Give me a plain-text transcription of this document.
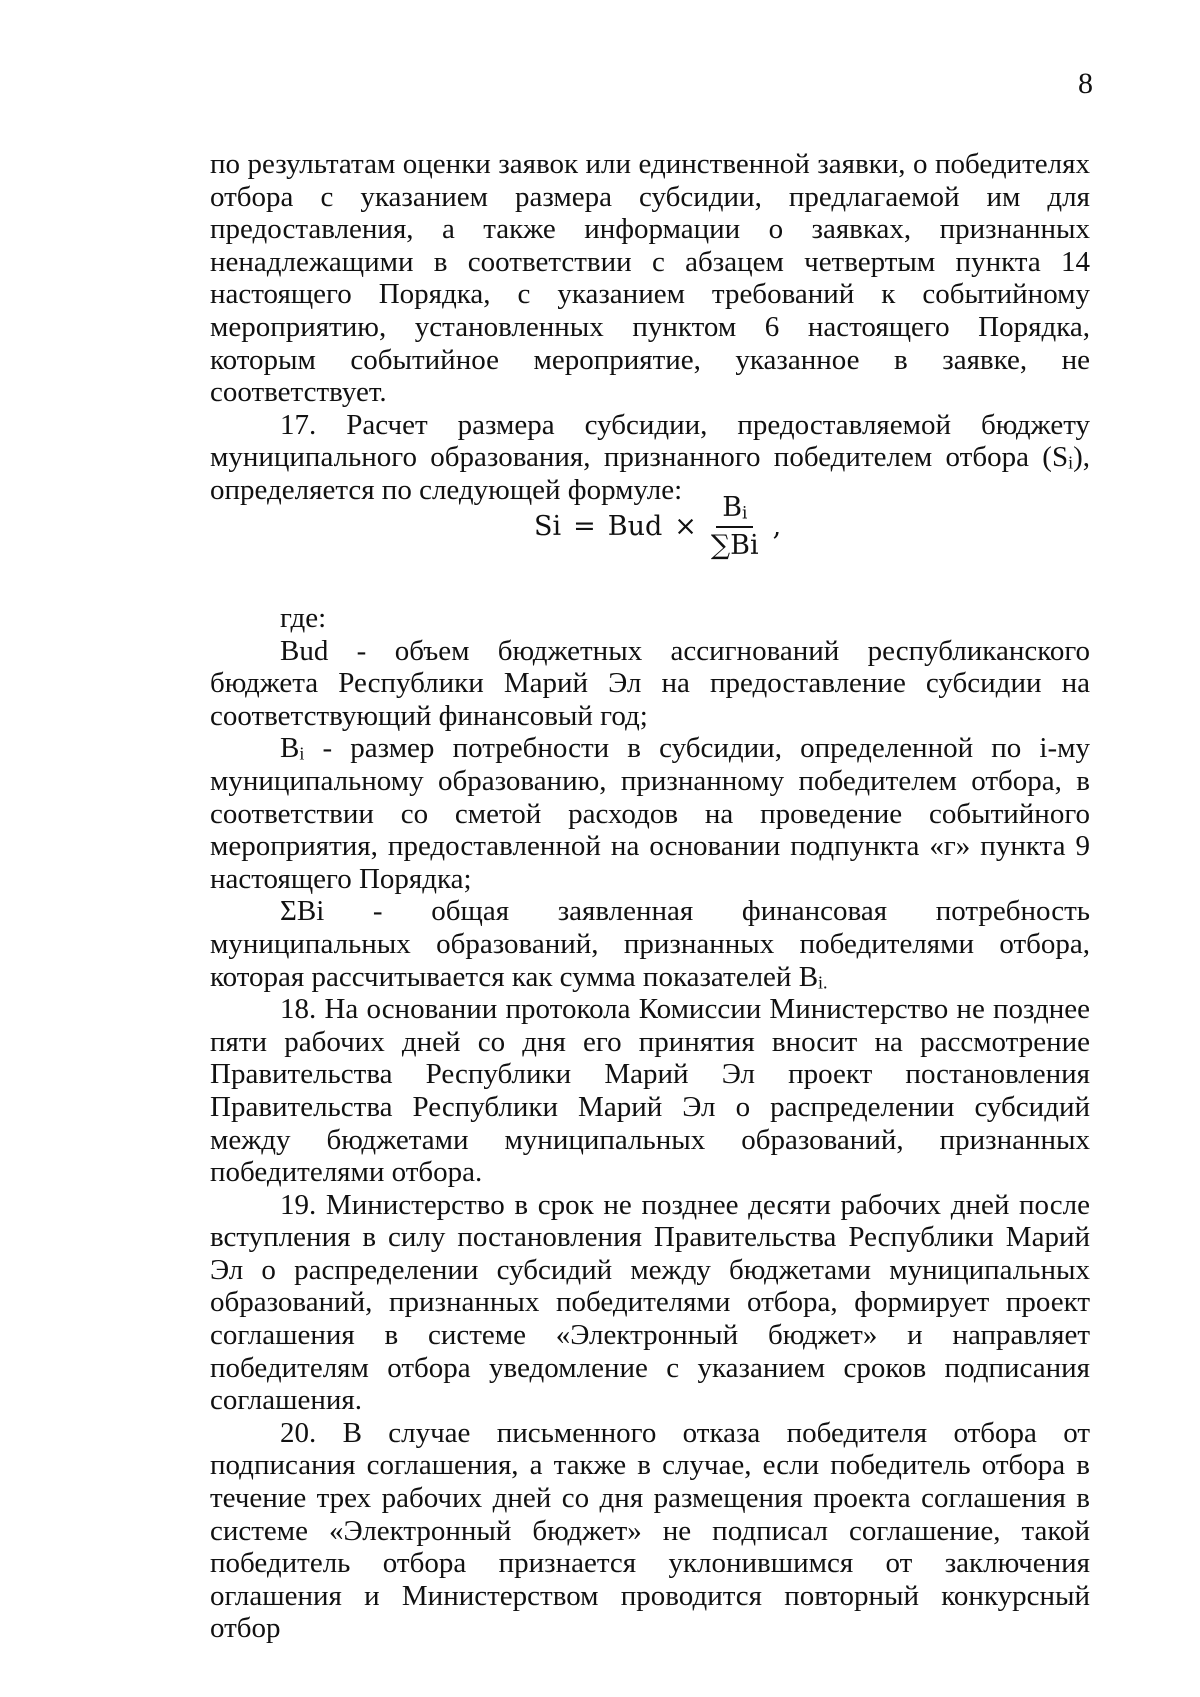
8

по результатам оценки заявок или единственной заявки, о победителях отбора с указанием размера субсидии, предлагаемой им для предоставления, а также информации о заявках, признанных ненадлежащими в соответствии с абзацем четвертым пункта 14 настоящего Порядка, с указанием требований к событийному мероприятию, установленных пунктом 6 настоящего Порядка, которым событийное мероприятие, указанное в заявке, не соответствует.

17. Расчет размера субсидии, предоставляемой бюджету муниципального образования, признанного победителем отбора $(S_i)$, определяется по следующей формуле:

Si = Bud × $\frac{B_i}{\sum Bi}$ ,

где:

Bud - объем бюджетных ассигнований республиканского бюджета Республики Марий Эл на предоставление субсидии на соответствующий финансовый год;

$B_i$ - размер потребности в субсидии, определенной по i-му муниципальному образованию, признанному победителем отбора, в соответствии со сметой расходов на проведение событийного мероприятия, предоставленной на основании подпункта «г» пункта 9 настоящего Порядка;

ΣBi - общая заявленная финансовая потребность муниципальных образований, признанных победителями отбора, которая рассчитывается как сумма показателей $B_{i.}$

18. На основании протокола Комиссии Министерство не позднее пяти рабочих дней со дня его принятия вносит на рассмотрение Правительства Республики Марий Эл проект постановления Правительства Республики Марий Эл о распределении субсидий между бюджетами муниципальных образований, признанных победителями отбора.

19. Министерство в срок не позднее десяти рабочих дней после вступления в силу постановления Правительства Республики Марий Эл о распределении субсидий между бюджетами муниципальных образований, признанных победителями отбора, формирует проект соглашения в системе «Электронный бюджет» и направляет победителям отбора уведомление с указанием сроков подписания соглашения.

20. В случае письменного отказа победителя отбора от подписания соглашения, а также в случае, если победитель отбора в течение трех рабочих дней со дня размещения проекта соглашения в системе «Электронный бюджет» не подписал соглашение, такой победитель отбора признается уклонившимся от заключения оглашения и Министерством проводится повторный конкурсный отбор
